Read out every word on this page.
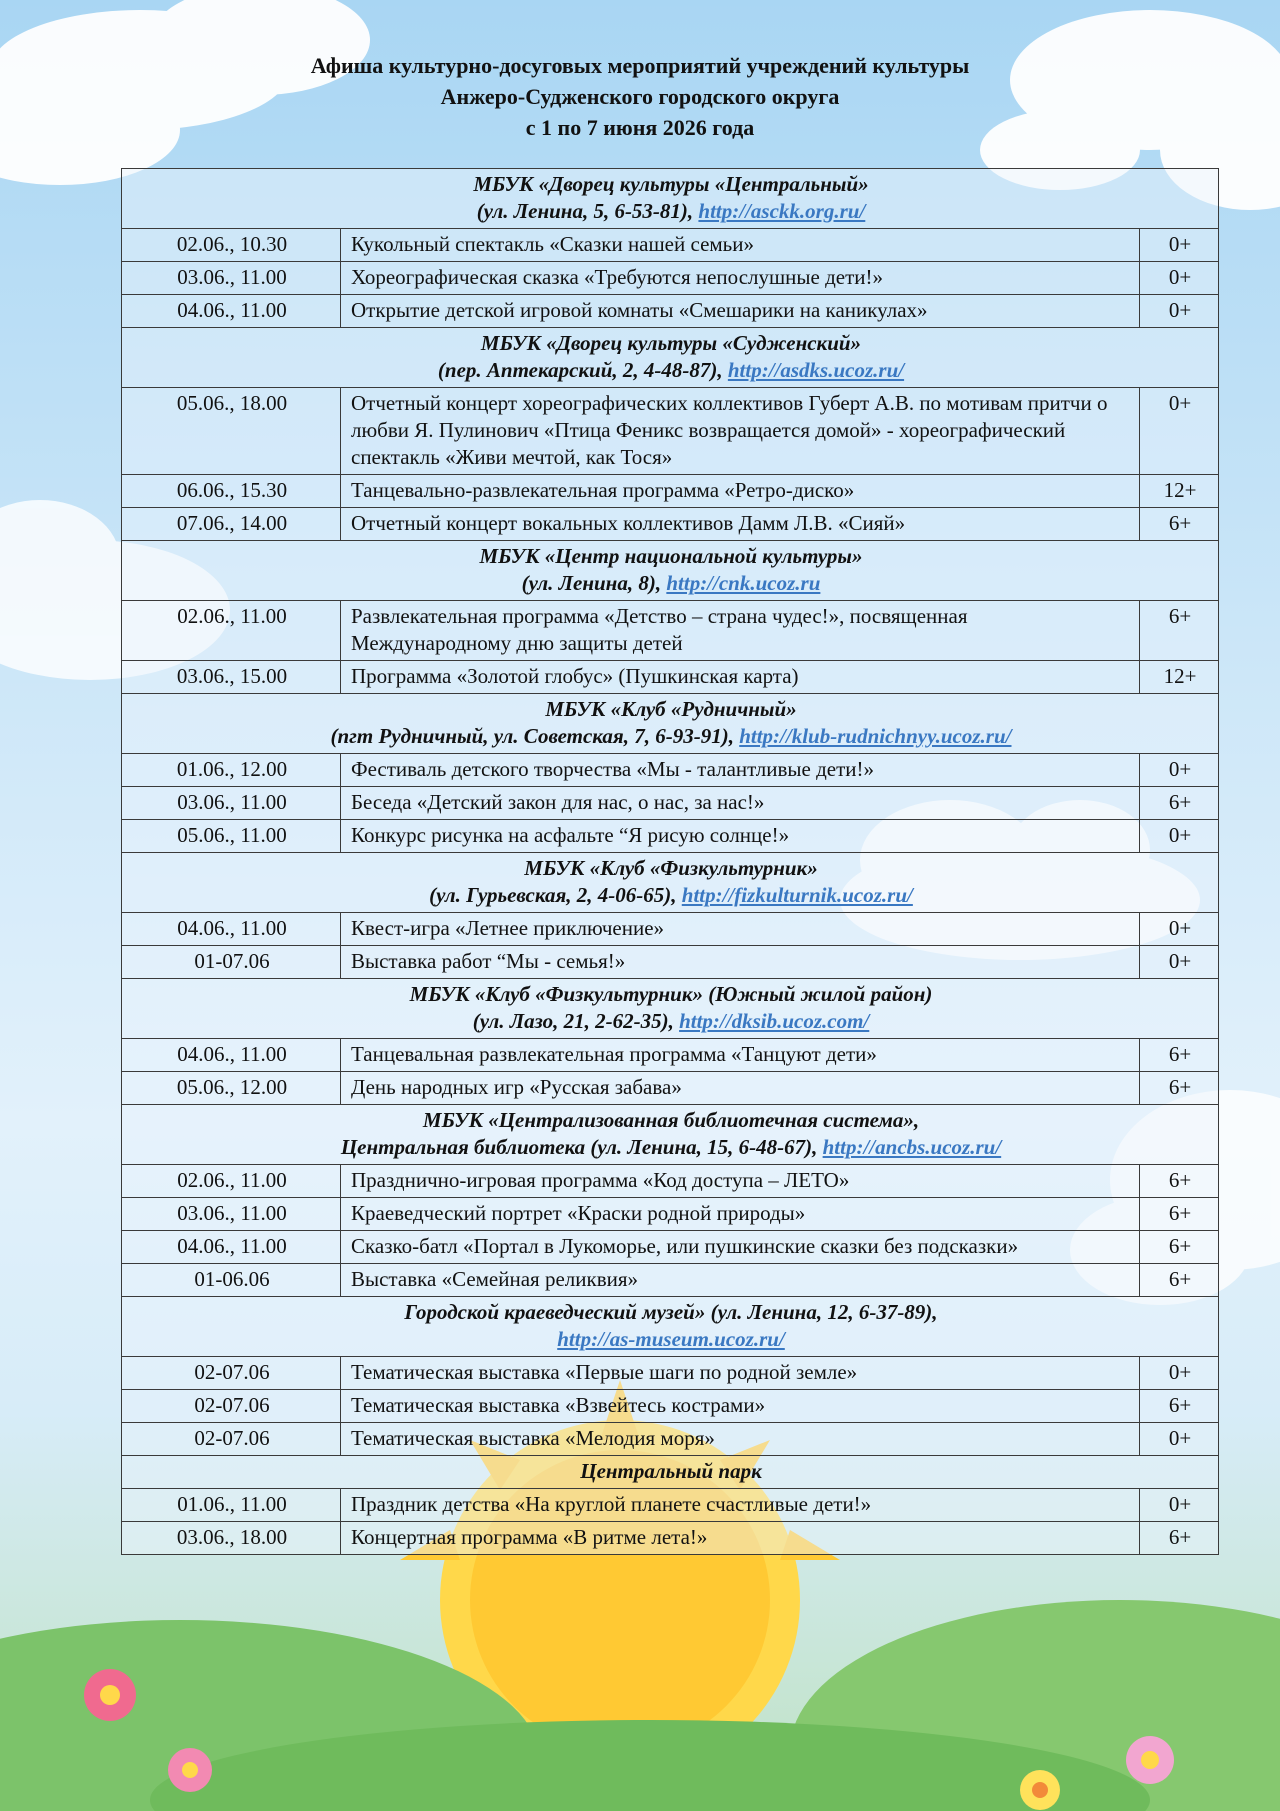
Афиша культурно-досуговых мероприятий учреждений культуры
Анжеро-Судженского городского округа
с 1 по 7 июня 2026 года
МБУК «Дворец культуры «Центральный»
(ул. Ленина, 5, 6-53-81), http://asckk.org.ru/		
02.06., 10.30	Кукольный спектакль «Сказки нашей семьи»	0+
03.06., 11.00	Хореографическая сказка «Требуются непослушные дети!»	0+
04.06., 11.00	Открытие детской игровой комнаты «Смешарики на каникулах»	0+
МБУК «Дворец культуры «Судженский»
(пер. Аптекарский, 2, 4-48-87), http://asdks.ucoz.ru/		
05.06., 18.00	Отчетный концерт хореографических коллективов Губерт А.В. по мотивам притчи о любви Я. Пулинович «Птица Феникс возвращается домой» - хореографический спектакль «Живи мечтой, как Тося»	0+
06.06., 15.30	Танцевально-развлекательная программа «Ретро-диско»	12+
07.06., 14.00	Отчетный концерт вокальных коллективов Дамм Л.В. «Сияй»	6+
МБУК «Центр национальной культуры»
(ул. Ленина, 8), http://cnk.ucoz.ru		
02.06., 11.00	Развлекательная программа «Детство – страна чудес!», посвященная Международному дню защиты детей	6+
03.06., 15.00	Программа «Золотой глобус» (Пушкинская карта)	12+
МБУК «Клуб «Рудничный»
(пгт Рудничный, ул. Советская, 7, 6-93-91), http://klub-rudnichnyy.ucoz.ru/		
01.06., 12.00	Фестиваль детского творчества «Мы - талантливые дети!»	0+
03.06., 11.00	Беседа «Детский закон для нас, о нас, за нас!»	6+
05.06., 11.00	Конкурс рисунка на асфальте “Я рисую солнце!»	0+
МБУК «Клуб «Физкультурник»
(ул. Гурьевская, 2, 4-06-65), http://fizkulturnik.ucoz.ru/		
04.06., 11.00	Квест-игра «Летнее приключение»	0+
01-07.06	Выставка работ “Мы - семья!»	0+
МБУК «Клуб «Физкультурник» (Южный жилой район)
(ул. Лазо, 21, 2-62-35), http://dksib.ucoz.com/		
04.06., 11.00	Танцевальная развлекательная программа «Танцуют дети»	6+
05.06., 12.00	День народных игр «Русская забава»	6+
МБУК «Централизованная библиотечная система»,
Центральная библиотека (ул. Ленина, 15, 6-48-67), http://ancbs.ucoz.ru/		
02.06., 11.00	Празднично-игровая программа «Код доступа – ЛЕТО»	6+
03.06., 11.00	Краеведческий портрет «Краски родной природы»	6+
04.06., 11.00	Сказко-батл «Портал в Лукоморье, или пушкинские сказки без подсказки»	6+
01-06.06	Выставка «Семейная реликвия»	6+
Городской краеведческий музей» (ул. Ленина, 12, 6-37-89),
http://as-museum.ucoz.ru/		
02-07.06	Тематическая выставка «Первые шаги по родной земле»	0+
02-07.06	Тематическая выставка «Взвейтесь кострами»	6+
02-07.06	Тематическая выставка «Мелодия моря»	0+
Центральный парк		
01.06., 11.00	Праздник детства «На круглой планете счастливые дети!»	0+
03.06., 18.00	Концертная программа «В ритме лета!»	6+
